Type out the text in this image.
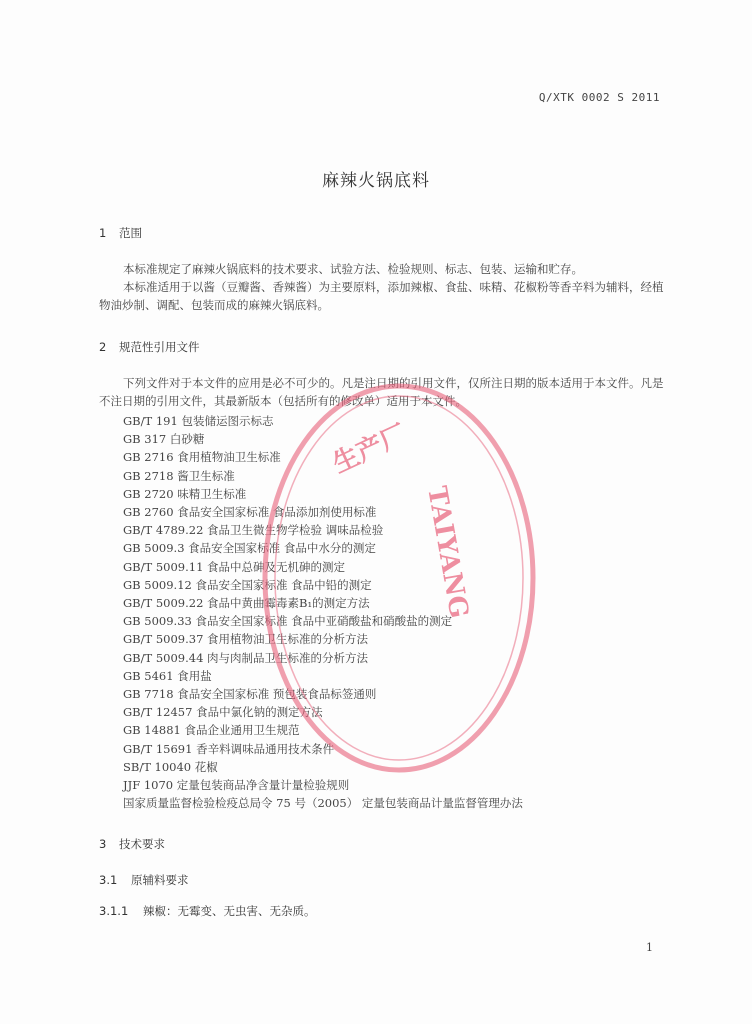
Q/XTK 0002 S 2011
麻辣火锅底料
1 范围
本标准规定了麻辣火锅底料的技术要求、试验方法、检验规则、标志、包装、运输和贮存。
本标准适用于以酱（豆瓣酱、香辣酱）为主要原料，添加辣椒、食盐、味精、花椒粉等香辛料为辅料，经植物油炒制、调配、包装而成的麻辣火锅底料。
2 规范性引用文件
下列文件对于本文件的应用是必不可少的。凡是注日期的引用文件，仅所注日期的版本适用于本文件。凡是不注日期的引用文件，其最新版本（包括所有的修改单）适用于本文件。
GB/T 191 包装储运图示标志
GB 317 白砂糖
GB 2716 食用植物油卫生标准
GB 2718 酱卫生标准
GB 2720 味精卫生标准
GB 2760 食品安全国家标准 食品添加剂使用标准
GB/T 4789.22 食品卫生微生物学检验 调味品检验
GB 5009.3 食品安全国家标准 食品中水分的测定
GB/T 5009.11 食品中总砷及无机砷的测定
GB 5009.12 食品安全国家标准 食品中铅的测定
GB/T 5009.22 食品中黄曲霉毒素B₁的测定方法
GB 5009.33 食品安全国家标准 食品中亚硝酸盐和硝酸盐的测定
GB/T 5009.37 食用植物油卫生标准的分析方法
GB/T 5009.44 肉与肉制品卫生标准的分析方法
GB 5461 食用盐
GB 7718 食品安全国家标准 预包装食品标签通则
GB/T 12457 食品中氯化钠的测定方法
GB 14881 食品企业通用卫生规范
GB/T 15691 香辛料调味品通用技术条件
SB/T 10040 花椒
JJF 1070 定量包装商品净含量计量检验规则
国家质量监督检验检疫总局令 75 号（2005） 定量包装商品计量监督管理办法
3 技术要求
3.1 原辅料要求
3.1.1 辣椒：无霉变、无虫害、无杂质。
1
生产厂
TAIYANG
